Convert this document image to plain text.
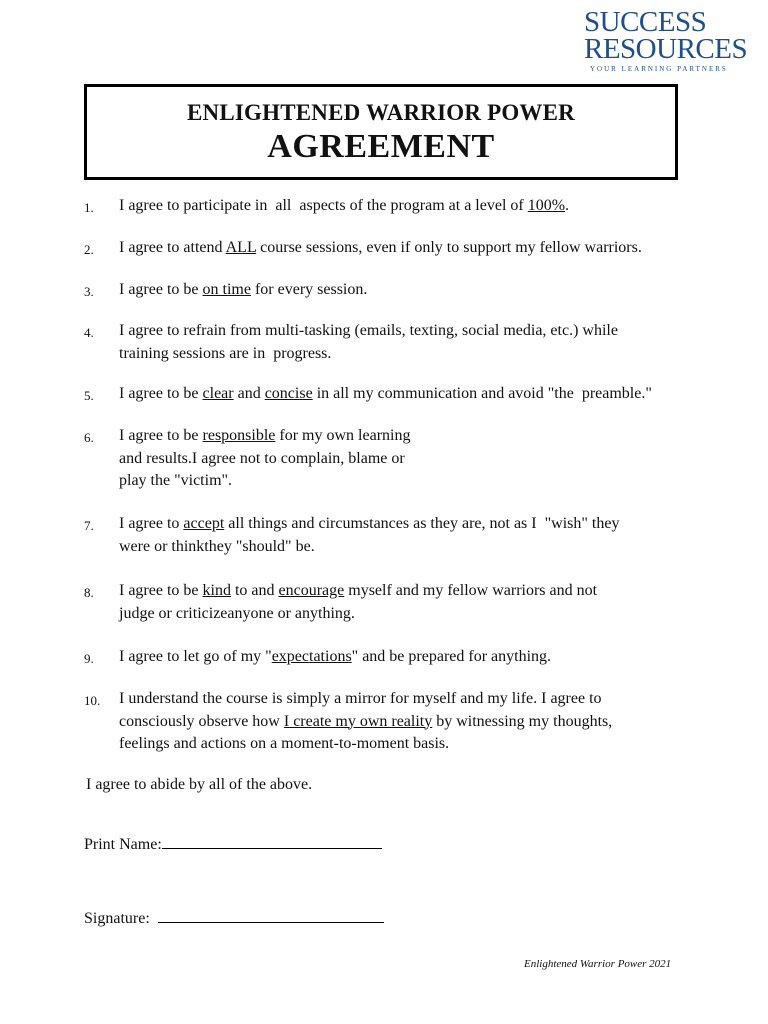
SUCCESS
RESOURCES
YOUR LEARNING PARTNERS
ENLIGHTENED WARRIOR POWER
AGREEMENT
1. I agree to participate in  all  aspects of the program at a level of 100%.
2. I agree to attend ALL course sessions, even if only to support my fellow warriors.
3. I agree to be on time for every session.
4. I agree to refrain from multi-tasking (emails, texting, social media, etc.) while
training sessions are in  progress.
5. I agree to be clear and concise in all my communication and avoid "the  preamble."
6. I agree to be responsible for my own learning
and results.I agree not to complain, blame or
play the "victim".
7. I agree to accept all things and circumstances as they are, not as I  "wish" they
were or thinkthey "should" be.
8. I agree to be kind to and encourage myself and my fellow warriors and not
judge or criticizeanyone or anything.
9. I agree to let go of my "expectations" and be prepared for anything.
10. I understand the course is simply a mirror for myself and my life. I agree to
consciously observe how I create my own reality by witnessing my thoughts,
feelings and actions on a moment-to-moment basis.
I agree to abide by all of the above.
Print Name:
Signature:
Enlightened Warrior Power 2021
